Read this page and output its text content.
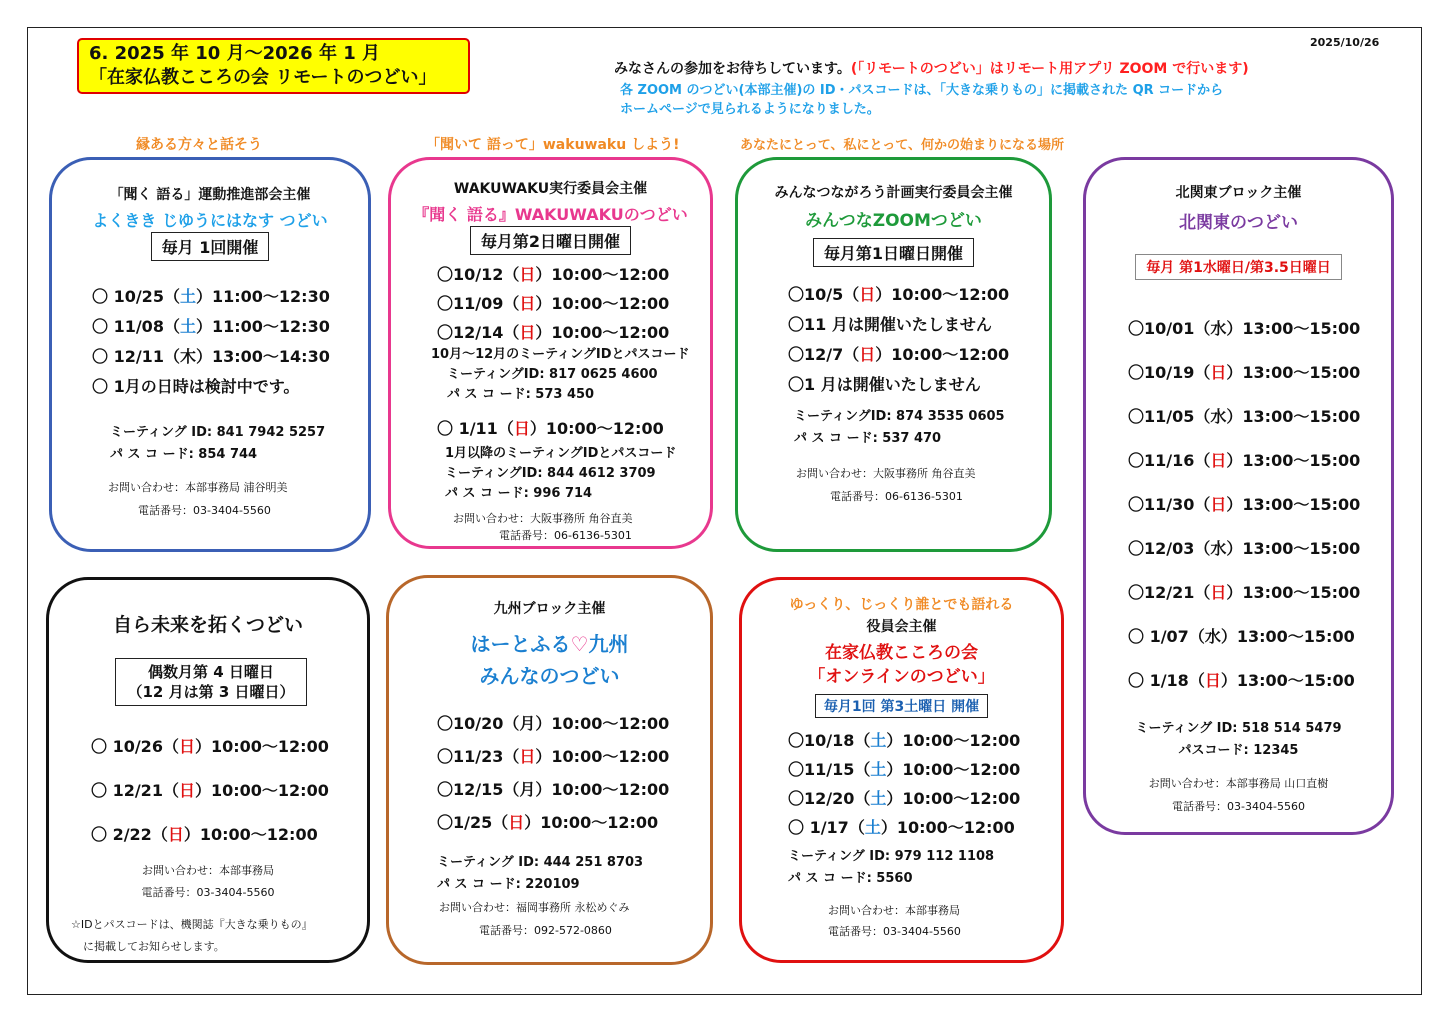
6. 2025 年 10 月～2026 年 1 月
「在家仏教こころの会 リモートのつどい」
2025/10/26
みなさんの参加をお待ちしています。(「リモートのつどい」はリモート用アプリ ZOOM で行います)
各 ZOOM のつどい(本部主催)の ID・パスコードは、「大きな乗りもの」に掲載された QR コードから
ホームページで見られるようになりました。
縁ある方々と話そう	「聞いて 語って」wakuwaku しよう!	あなたにとって、私にとって、何かの始まりになる場所
「聞く 語る」運動推進部会主催
よくきき じゆうにはなす つどい
毎月 1回開催
〇 10/25（土）11:00～12:30
〇 11/08（土）11:00～12:30
〇 12/11（木）13:00～14:30
〇 1月の日時は検討中です。
ミーティング ID: 841 7942 5257
パ ス コ ード: 854 744
お問い合わせ：本部事務局 浦谷明美
電話番号：03-3404-5560
WAKUWAKU実行委員会主催
『聞く 語る』WAKUWAKUのつどい
毎月第2日曜日開催
〇10/12（日）10:00～12:00
〇11/09（日）10:00～12:00
〇12/14（日）10:00～12:00
10月～12月のミーティングIDとパスコード
ミーティングID: 817 0625 4600
パ ス コ ード: 573 450
〇 1/11（日）10:00～12:00
1月以降のミーティングIDとパスコード
ミーティングID: 844 4612 3709
パ ス コ ード: 996 714
お問い合わせ：大阪事務所 角谷直美
電話番号：06-6136-5301
みんなつながろう計画実行委員会主催
みんつなZOOMつどい
毎月第1日曜日開催
〇10/5（日）10:00～12:00
〇11 月は開催いたしません
〇12/7（日）10:00～12:00
〇1 月は開催いたしません
ミーティングID: 874 3535 0605
パ ス コ ード: 537 470
お問い合わせ：大阪事務所 角谷直美
電話番号：06-6136-5301
北関東ブロック主催
北関東のつどい
毎月 第1水曜日/第3.5日曜日
〇10/01（水）13:00～15:00
〇10/19（日）13:00～15:00
〇11/05（水）13:00～15:00
〇11/16（日）13:00～15:00
〇11/30（日）13:00～15:00
〇12/03（水）13:00～15:00
〇12/21（日）13:00～15:00
〇 1/07（水）13:00～15:00
〇 1/18（日）13:00～15:00
ミーティング ID: 518 514 5479
パスコード: 12345
お問い合わせ：本部事務局 山口直樹
電話番号：03-3404-5560
自ら未来を拓くつどい
偶数月第 4 日曜日
（12 月は第 3 日曜日）
〇 10/26（日）10:00～12:00
〇 12/21（日）10:00～12:00
〇 2/22（日）10:00～12:00
お問い合わせ：本部事務局
電話番号：03-3404-5560
☆IDとパスコードは、機関誌『大きな乗りもの』
に掲載してお知らせします。
九州ブロック主催
はーとふる♡九州
みんなのつどい
〇10/20（月）10:00～12:00
〇11/23（日）10:00～12:00
〇12/15（月）10:00～12:00
〇1/25（日）10:00～12:00
ミーティング ID: 444 251 8703
パ ス コ ード: 220109
お問い合わせ：福岡事務所 永松めぐみ
電話番号：092-572-0860
ゆっくり、じっくり誰とでも語れる
役員会主催
在家仏教こころの会
「オンラインのつどい」
毎月1回 第3土曜日 開催
〇10/18（土）10:00～12:00
〇11/15（土）10:00～12:00
〇12/20（土）10:00～12:00
〇 1/17（土）10:00～12:00
ミーティング ID: 979 112 1108
パ ス コ ード: 5560
お問い合わせ：本部事務局
電話番号：03-3404-5560
